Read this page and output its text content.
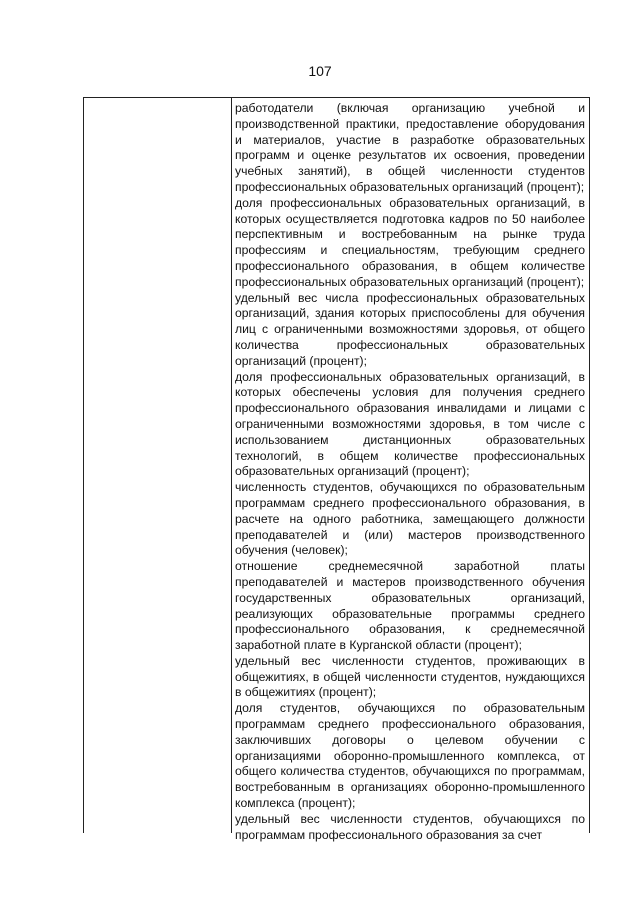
107

работодатели (включая организацию учебной и производственной практики, предоставление оборудования и материалов, участие в разработке образовательных программ и оценке результатов их освоения, проведении учебных занятий), в общей численности студентов профессиональных образовательных организаций (процент);

доля профессиональных образовательных организаций, в которых осуществляется подготовка кадров по 50 наиболее перспективным и востребованным на рынке труда профессиям и специальностям, требующим среднего профессионального образования, в общем количестве профессиональных образовательных организаций (процент);

удельный вес числа профессиональных образовательных организаций, здания которых приспособлены для обучения лиц с ограниченными возможностями здоровья, от общего количества профессиональных образовательных организаций (процент);

доля профессиональных образовательных организаций, в которых обеспечены условия для получения среднего профессионального образования инвалидами и лицами с ограниченными возможностями здоровья, в том числе с использованием дистанционных образовательных технологий, в общем количестве профессиональных образовательных организаций (процент);

численность студентов, обучающихся по образовательным программам среднего профессионального образования, в расчете на одного работника, замещающего должности преподавателей и (или) мастеров производственного обучения (человек);

отношение среднемесячной заработной платы преподавателей и мастеров производственного обучения государственных образовательных организаций, реализующих образовательные программы среднего профессионального образования, к среднемесячной заработной плате в Курганской области (процент);

удельный вес численности студентов, проживающих в общежитиях, в общей численности студентов, нуждающихся в общежитиях (процент);

доля студентов, обучающихся по образовательным программам среднего профессионального образования, заключивших договоры о целевом обучении с организациями оборонно-промышленного комплекса, от общего количества студентов, обучающихся по программам, востребованным в организациях оборонно-промышленного комплекса (процент);

удельный вес численности студентов, обучающихся по программам профессионального образования за счет
